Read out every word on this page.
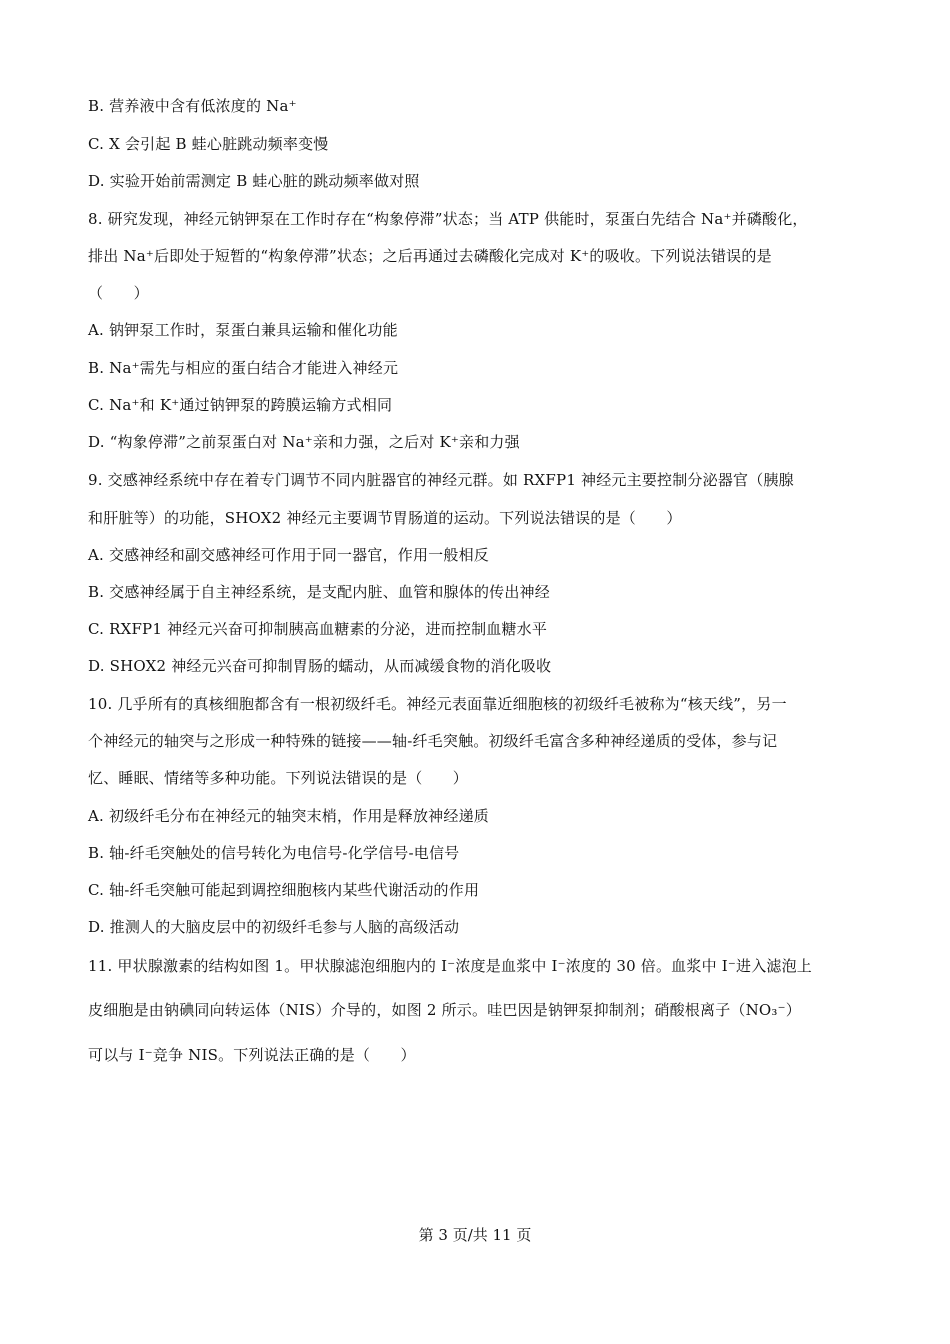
B. 营养液中含有低浓度的 Na⁺
C. X 会引起 B 蛙心脏跳动频率变慢
D. 实验开始前需测定 B 蛙心脏的跳动频率做对照
8. 研究发现，神经元钠钾泵在工作时存在“构象停滞”状态；当 ATP 供能时，泵蛋白先结合 Na⁺并磷酸化，
排出 Na⁺后即处于短暂的“构象停滞”状态；之后再通过去磷酸化完成对 K⁺的吸收。下列说法错误的是
（　　）
A. 钠钾泵工作时，泵蛋白兼具运输和催化功能
B. Na⁺需先与相应的蛋白结合才能进入神经元
C. Na⁺和 K⁺通过钠钾泵的跨膜运输方式相同
D. “构象停滞”之前泵蛋白对 Na⁺亲和力强，之后对 K⁺亲和力强
9. 交感神经系统中存在着专门调节不同内脏器官的神经元群。如 RXFP1 神经元主要控制分泌器官（胰腺
和肝脏等）的功能，SHOX2 神经元主要调节胃肠道的运动。下列说法错误的是（　　）
A. 交感神经和副交感神经可作用于同一器官，作用一般相反
B. 交感神经属于自主神经系统，是支配内脏、血管和腺体的传出神经
C. RXFP1 神经元兴奋可抑制胰高血糖素的分泌，进而控制血糖水平
D. SHOX2 神经元兴奋可抑制胃肠的蠕动，从而减缓食物的消化吸收
10. 几乎所有的真核细胞都含有一根初级纤毛。神经元表面靠近细胞核的初级纤毛被称为“核天线”，另一
个神经元的轴突与之形成一种特殊的链接——轴-纤毛突触。初级纤毛富含多种神经递质的受体，参与记
忆、睡眠、情绪等多种功能。下列说法错误的是（　　）
A. 初级纤毛分布在神经元的轴突末梢，作用是释放神经递质
B. 轴-纤毛突触处的信号转化为电信号-化学信号-电信号
C. 轴-纤毛突触可能起到调控细胞核内某些代谢活动的作用
D. 推测人的大脑皮层中的初级纤毛参与人脑的高级活动
11. 甲状腺激素的结构如图 1。甲状腺滤泡细胞内的 I⁻浓度是血浆中 I⁻浓度的 30 倍。血浆中 I⁻进入滤泡上
皮细胞是由钠碘同向转运体（NIS）介导的，如图 2 所示。哇巴因是钠钾泵抑制剂；硝酸根离子（NO₃⁻）
可以与 I⁻竞争 NIS。下列说法正确的是（　　）
第 3 页/共 11 页
